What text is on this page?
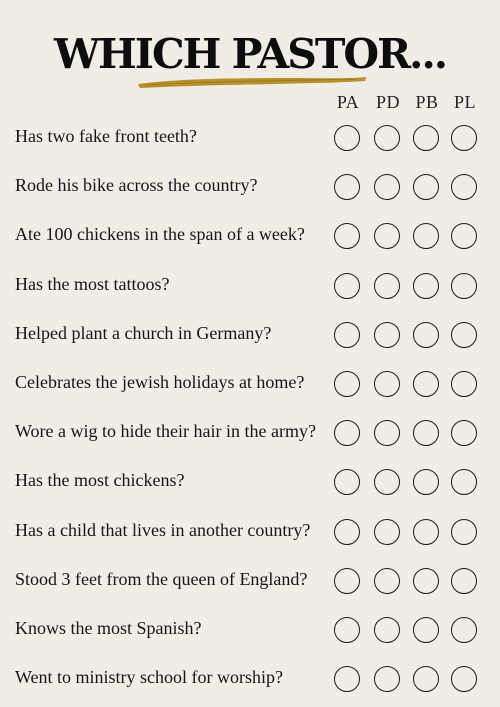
WHICH PASTOR...
PA PD PB PL
Has two fake front teeth?
Rode his bike across the country?
Ate 100 chickens in the span of a week?
Has the most tattoos?
Helped plant a church in Germany?
Celebrates the jewish holidays at home?
Wore a wig to hide their hair in the army?
Has the most chickens?
Has a child that lives in another country?
Stood 3 feet from the queen of England?
Knows the most Spanish?
Went to ministry school for worship?
